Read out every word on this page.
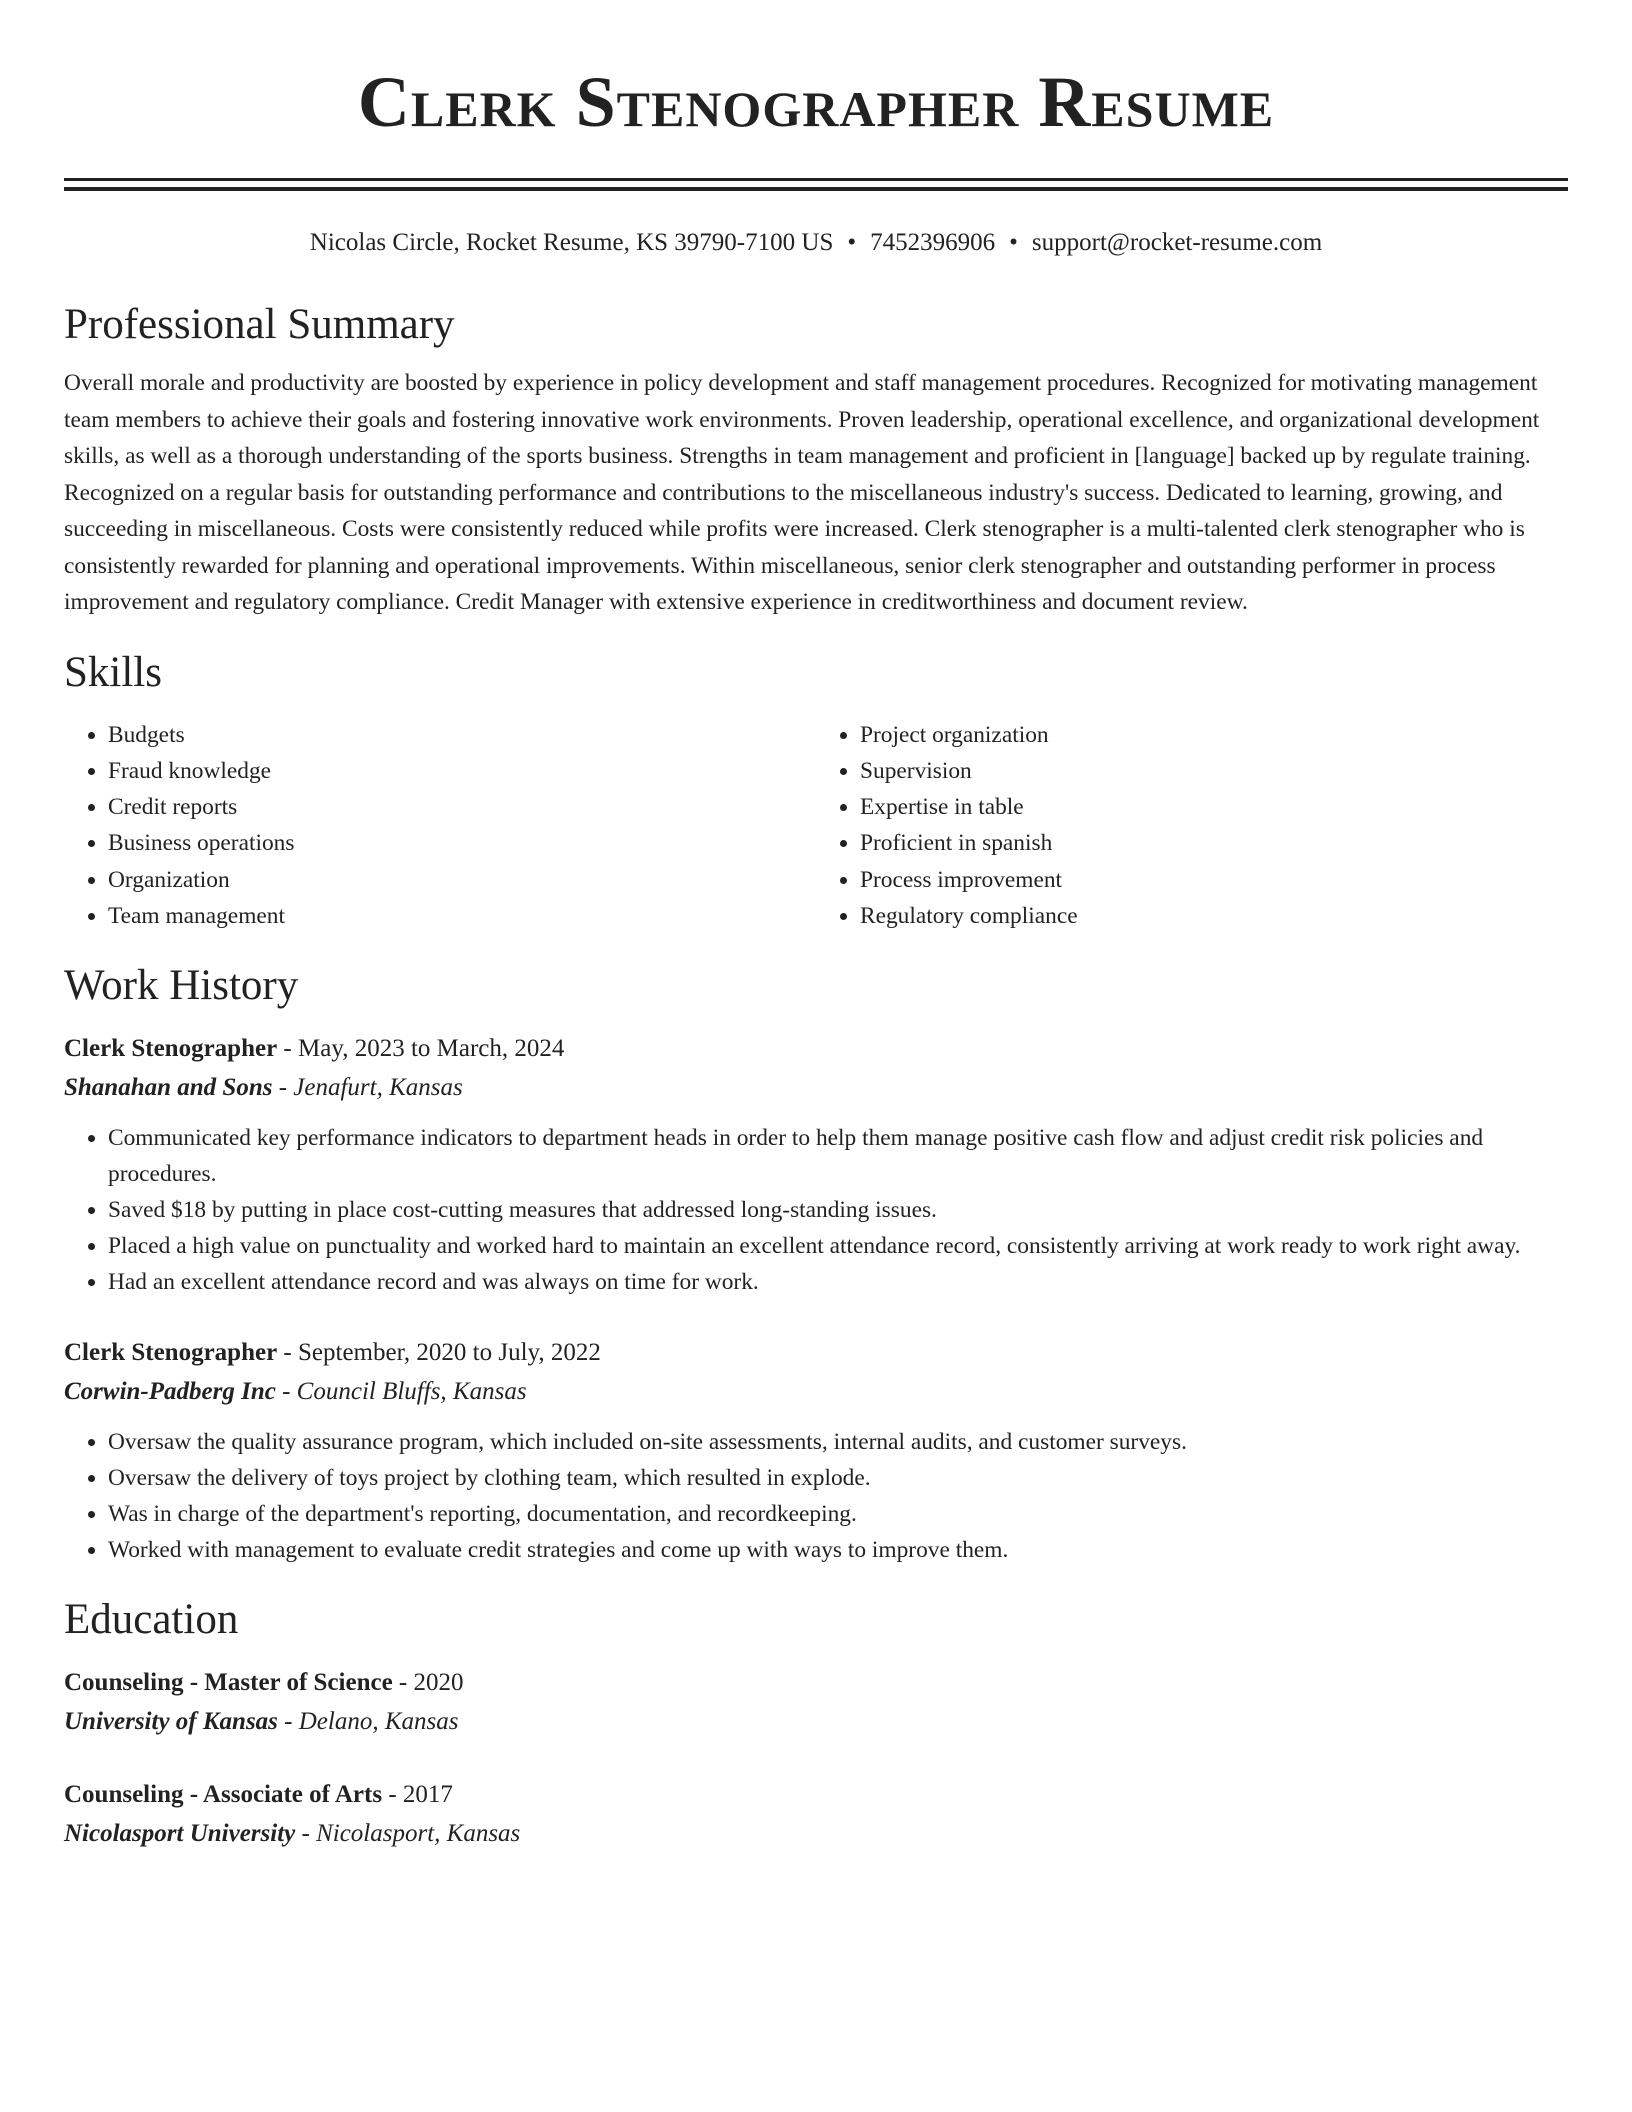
Clerk Stenographer Resume
Nicolas Circle, Rocket Resume, KS 39790-7100 US • 7452396906 • support@rocket-resume.com
Professional Summary

Overall morale and productivity are boosted by experience in policy development and staff management procedures. Recognized for motivating management team members to achieve their goals and fostering innovative work environments. Proven leadership, operational excellence, and organizational development skills, as well as a thorough understanding of the sports business. Strengths in team management and proficient in [language] backed up by regulate training. Recognized on a regular basis for outstanding performance and contributions to the miscellaneous industry's success. Dedicated to learning, growing, and succeeding in miscellaneous. Costs were consistently reduced while profits were increased. Clerk stenographer is a multi-talented clerk stenographer who is consistently rewarded for planning and operational improvements. Within miscellaneous, senior clerk stenographer and outstanding performer in process improvement and regulatory compliance. Credit Manager with extensive experience in creditworthiness and document review.

Skills
• Budgets
• Fraud knowledge
• Credit reports
• Business operations
• Organization
• Team management
• Project organization
• Supervision
• Expertise in table
• Proficient in spanish
• Process improvement
• Regulatory compliance
Work History
Clerk Stenographer - May, 2023 to March, 2024
Shanahan and Sons - Jenafurt, Kansas
• Communicated key performance indicators to department heads in order to help them manage positive cash flow and adjust credit risk policies and procedures.
• Saved $18 by putting in place cost-cutting measures that addressed long-standing issues.
• Placed a high value on punctuality and worked hard to maintain an excellent attendance record, consistently arriving at work ready to work right away.
• Had an excellent attendance record and was always on time for work.
Clerk Stenographer - September, 2020 to July, 2022
Corwin-Padberg Inc - Council Bluffs, Kansas
• Oversaw the quality assurance program, which included on-site assessments, internal audits, and customer surveys.
• Oversaw the delivery of toys project by clothing team, which resulted in explode.
• Was in charge of the department's reporting, documentation, and recordkeeping.
• Worked with management to evaluate credit strategies and come up with ways to improve them.
Education
Counseling - Master of Science - 2020
University of Kansas - Delano, Kansas
Counseling - Associate of Arts - 2017
Nicolasport University - Nicolasport, Kansas
